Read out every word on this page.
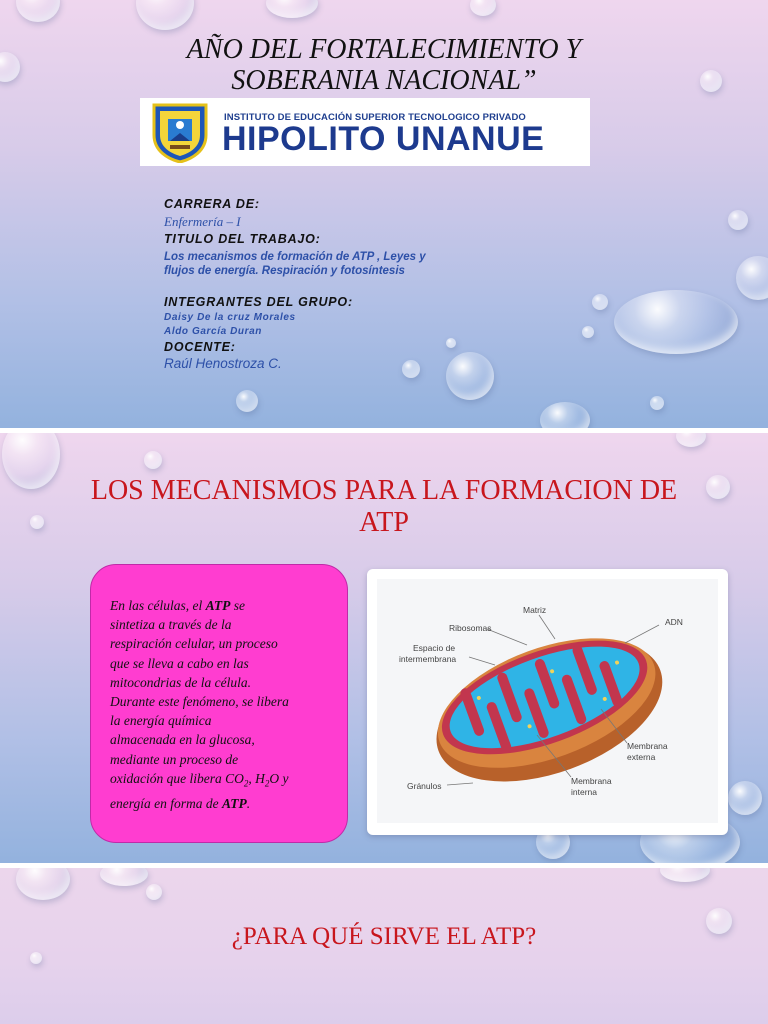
AÑO DEL FORTALECIMIENTO Y
SOBERANIA NACIONAL”
INSTITUTO DE EDUCACIÓN SUPERIOR TECNOLOGICO PRIVADO
HIPOLITO UNANUE
CARRERA DE:
Enfermería – I
TITULO DEL TRABAJO:
Los mecanismos de formación de ATP , Leyes y
flujos de energía. Respiración y fotosíntesis
INTEGRANTES DEL GRUPO:
Daisy De la cruz Morales
Aldo García Duran
DOCENTE:
Raúl Henostroza C.
LOS MECANISMOS PARA LA FORMACION DE
ATP
En las células, el ATP se
sintetiza a través de la
respiración celular, un proceso
que se lleva a cabo en las
mitocondrias de la célula.
Durante este fenómeno, se libera
la energía química
almacenada en la glucosa,
mediante un proceso de
oxidación que libera $CO_2$, $H_2O$ y
energía en forma de ATP.
Matriz
Ribosomas
Espacio de
intermembrana
ADN
Membrana
externa
Gránulos	Membrana
interna
¿PARA QUÉ SIRVE EL ATP?
